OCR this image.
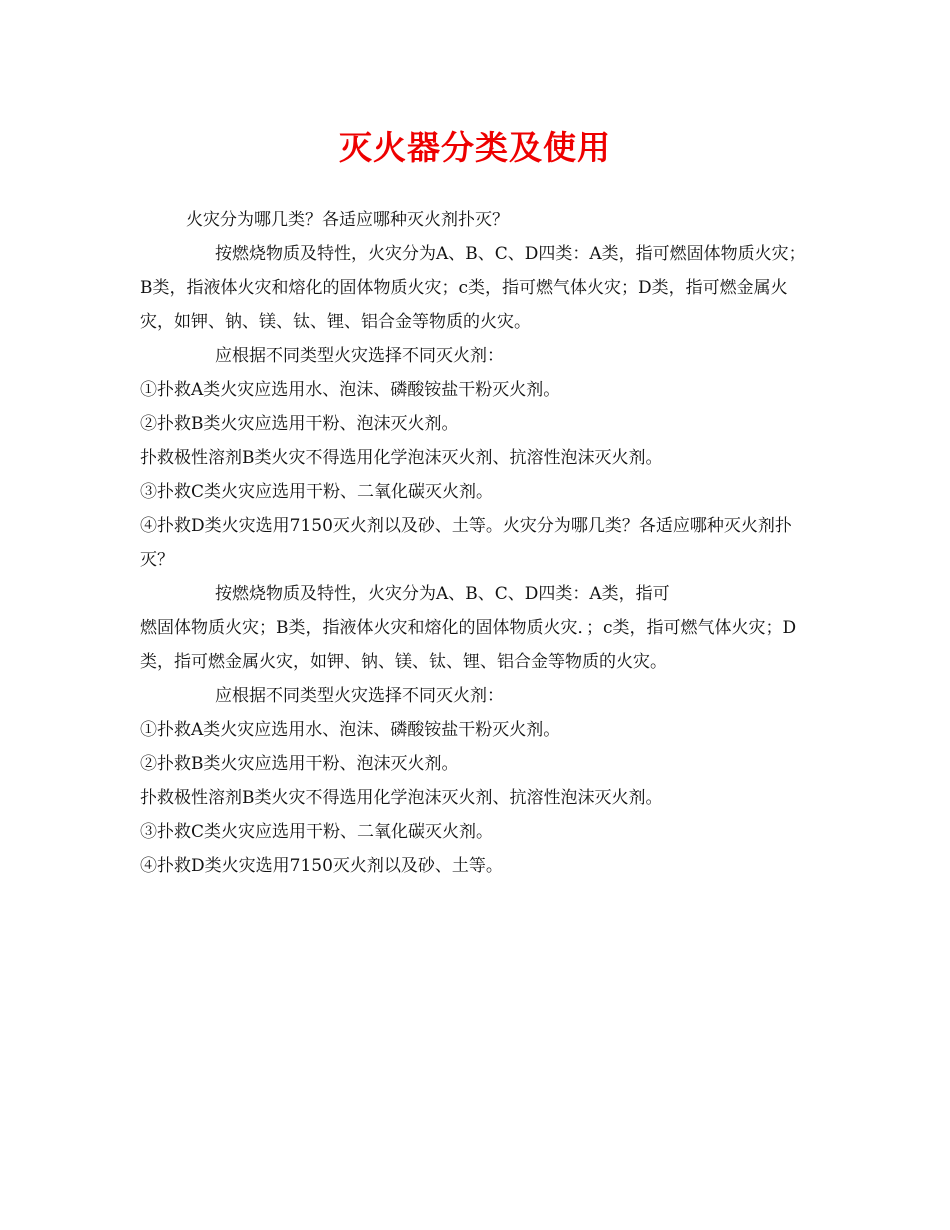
灭火器分类及使用

火灾分为哪几类？各适应哪种灭火剂扑灭？

按燃烧物质及特性，火灾分为A、B、C、D四类：A类，指可燃固体物质火灾；B类，指液体火灾和熔化的固体物质火灾；c类，指可燃气体火灾；D类，指可燃金属火灾，如钾、钠、镁、钛、锂、铝合金等物质的火灾。

应根据不同类型火灾选择不同灭火剂：

①扑救A类火灾应选用水、泡沫、磷酸铵盐干粉灭火剂。

②扑救B类火灾应选用干粉、泡沫灭火剂。

扑救极性溶剂B类火灾不得选用化学泡沫灭火剂、抗溶性泡沫灭火剂。

③扑救C类火灾应选用干粉、二氧化碳灭火剂。

④扑救D类火灾选用7150灭火剂以及砂、土等。火灾分为哪几类？各适应哪种灭火剂扑灭？

按燃烧物质及特性，火灾分为A、B、C、D四类：A类，指可

燃固体物质火灾；B类，指液体火灾和熔化的固体物质火灾．；c类，指可燃气体火灾；D类，指可燃金属火灾，如钾、钠、镁、钛、锂、铝合金等物质的火灾。

应根据不同类型火灾选择不同灭火剂：

①扑救A类火灾应选用水、泡沫、磷酸铵盐干粉灭火剂。

②扑救B类火灾应选用干粉、泡沫灭火剂。

扑救极性溶剂B类火灾不得选用化学泡沫灭火剂、抗溶性泡沫灭火剂。

③扑救C类火灾应选用干粉、二氧化碳灭火剂。

④扑救D类火灾选用7150灭火剂以及砂、土等。
